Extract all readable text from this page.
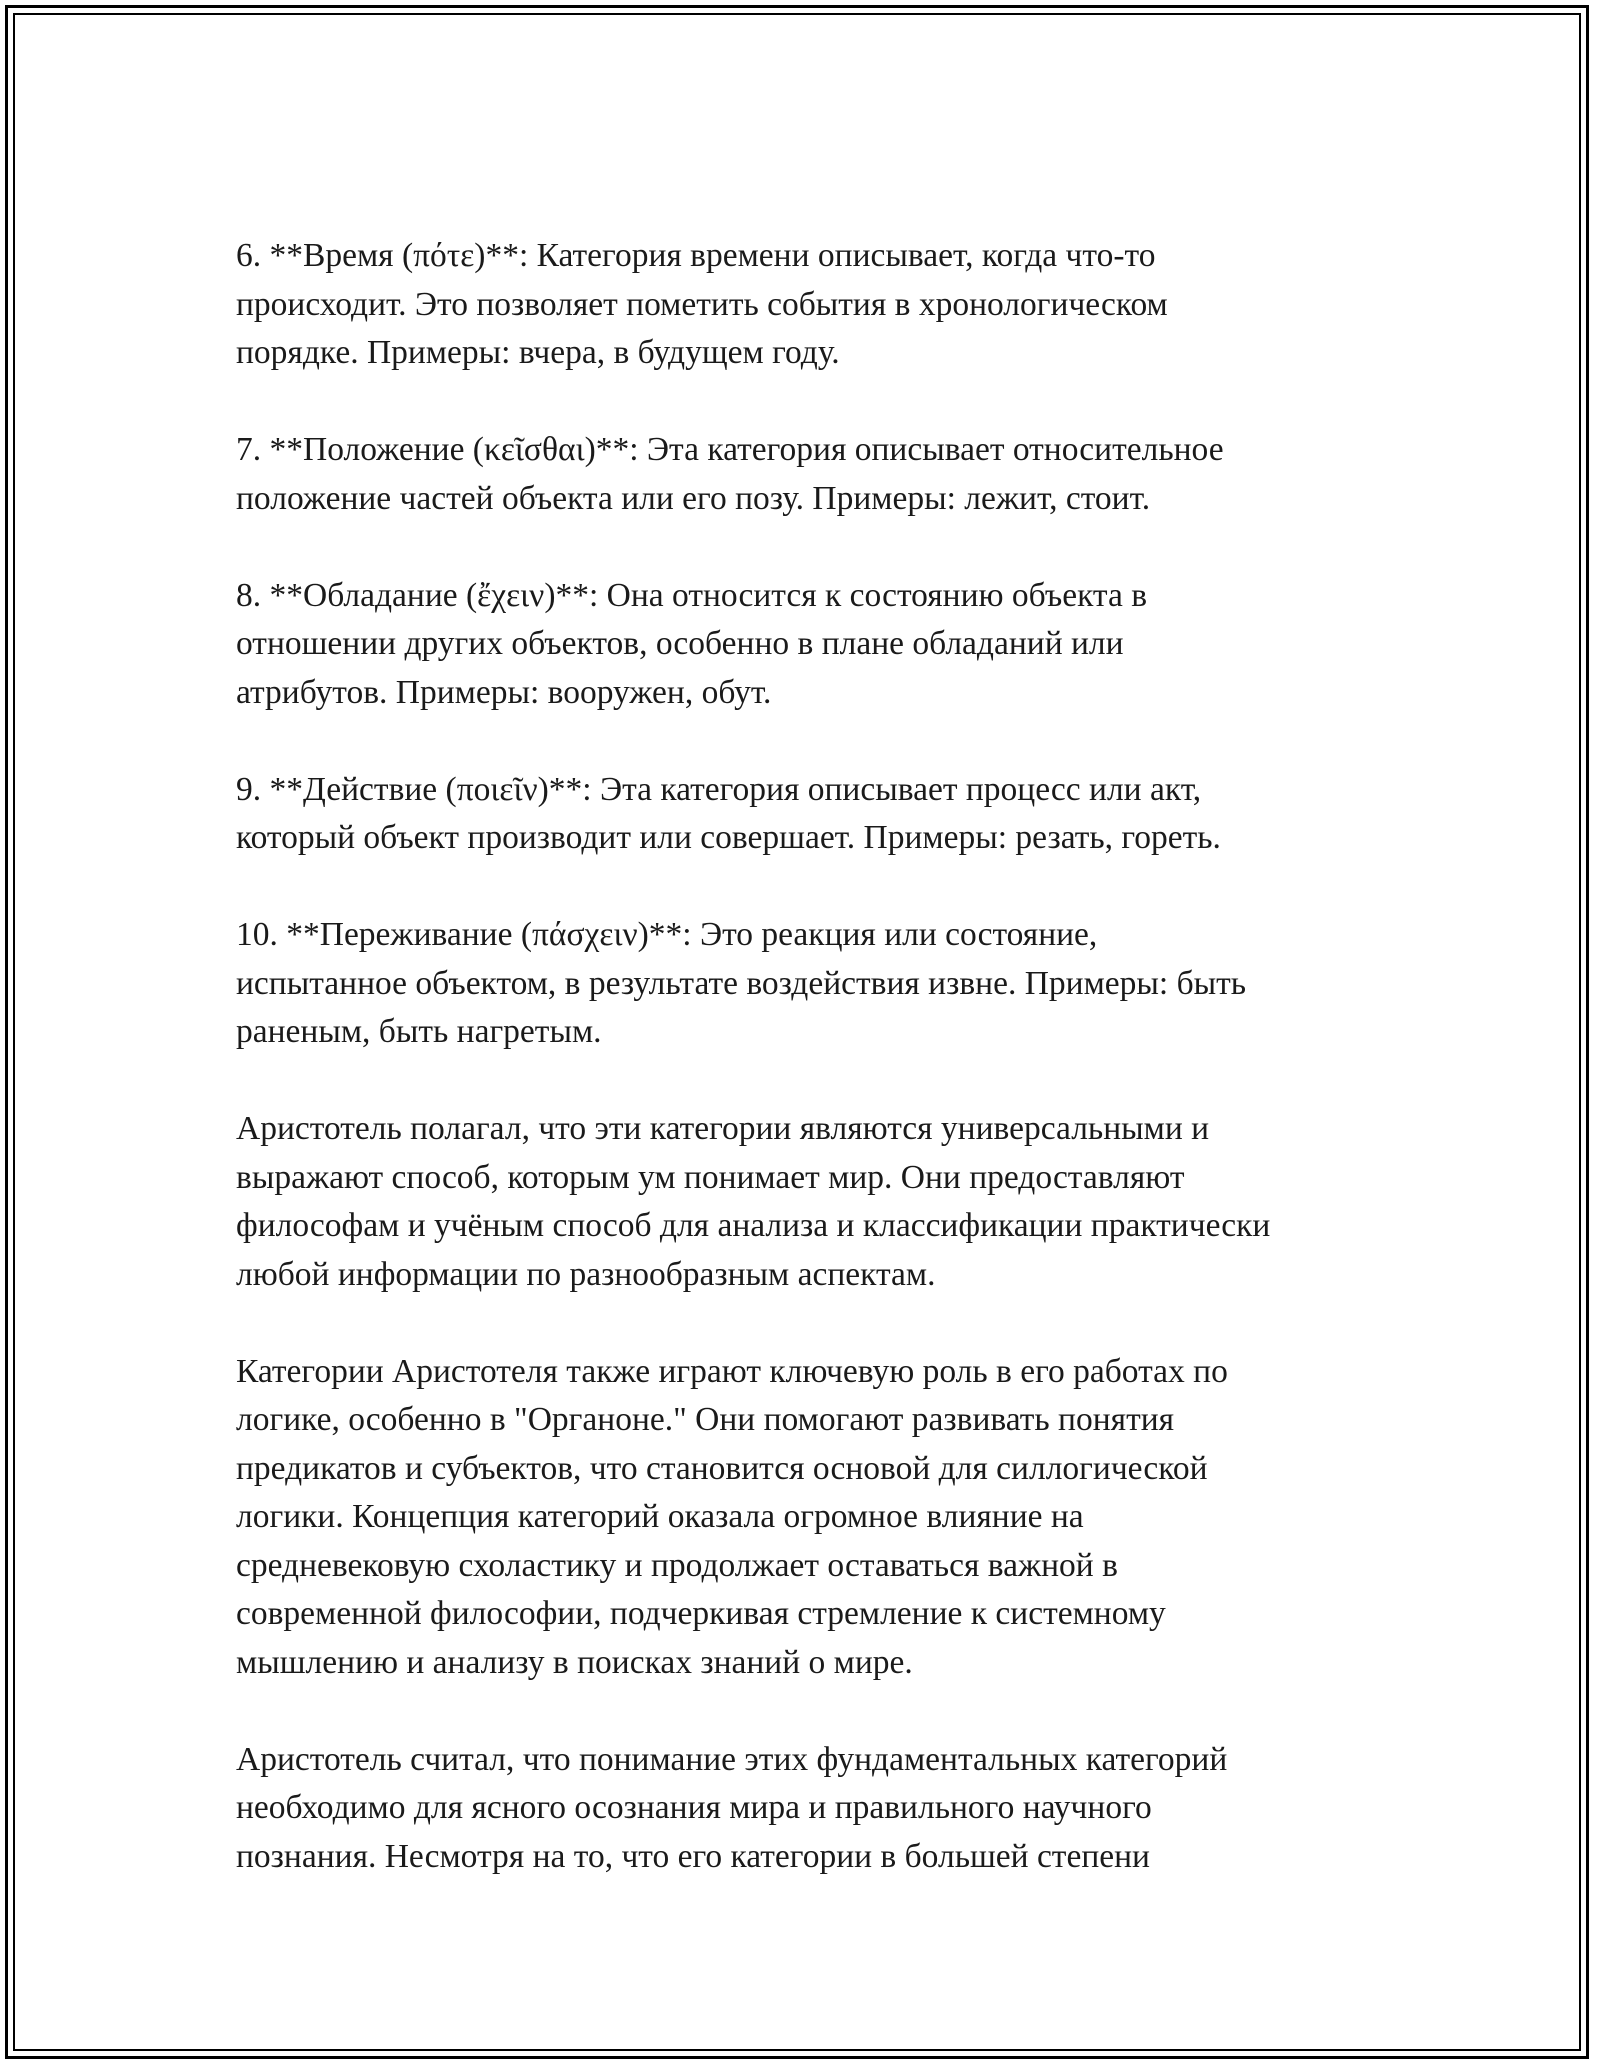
6. **Время (πότε)**: Категория времени описывает, когда что-то
происходит. Это позволяет пометить события в хронологическом
порядке. Примеры: вчера, в будущем году.

7. **Положение (κεῖσθαι)**: Эта категория описывает относительное
положение частей объекта или его позу. Примеры: лежит, стоит.

8. **Обладание (ἔχειν)**: Она относится к состоянию объекта в
отношении других объектов, особенно в плане обладаний или
атрибутов. Примеры: вооружен, обут.

9. **Действие (ποιεῖν)**: Эта категория описывает процесс или акт,
который объект производит или совершает. Примеры: резать, гореть.

10. **Переживание (πάσχειν)**: Это реакция или состояние,
испытанное объектом, в результате воздействия извне. Примеры: быть
раненым, быть нагретым.

Аристотель полагал, что эти категории являются универсальными и
выражают способ, которым ум понимает мир. Они предоставляют
философам и учёным способ для анализа и классификации практически
любой информации по разнообразным аспектам.

Категории Аристотеля также играют ключевую роль в его работах по
логике, особенно в "Органоне." Они помогают развивать понятия
предикатов и субъектов, что становится основой для силлогической
логики. Концепция категорий оказала огромное влияние на
средневековую схоластику и продолжает оставаться важной в
современной философии, подчеркивая стремление к системному
мышлению и анализу в поисках знаний о мире.

Аристотель считал, что понимание этих фундаментальных категорий
необходимо для ясного осознания мира и правильного научного
познания. Несмотря на то, что его категории в большей степени
